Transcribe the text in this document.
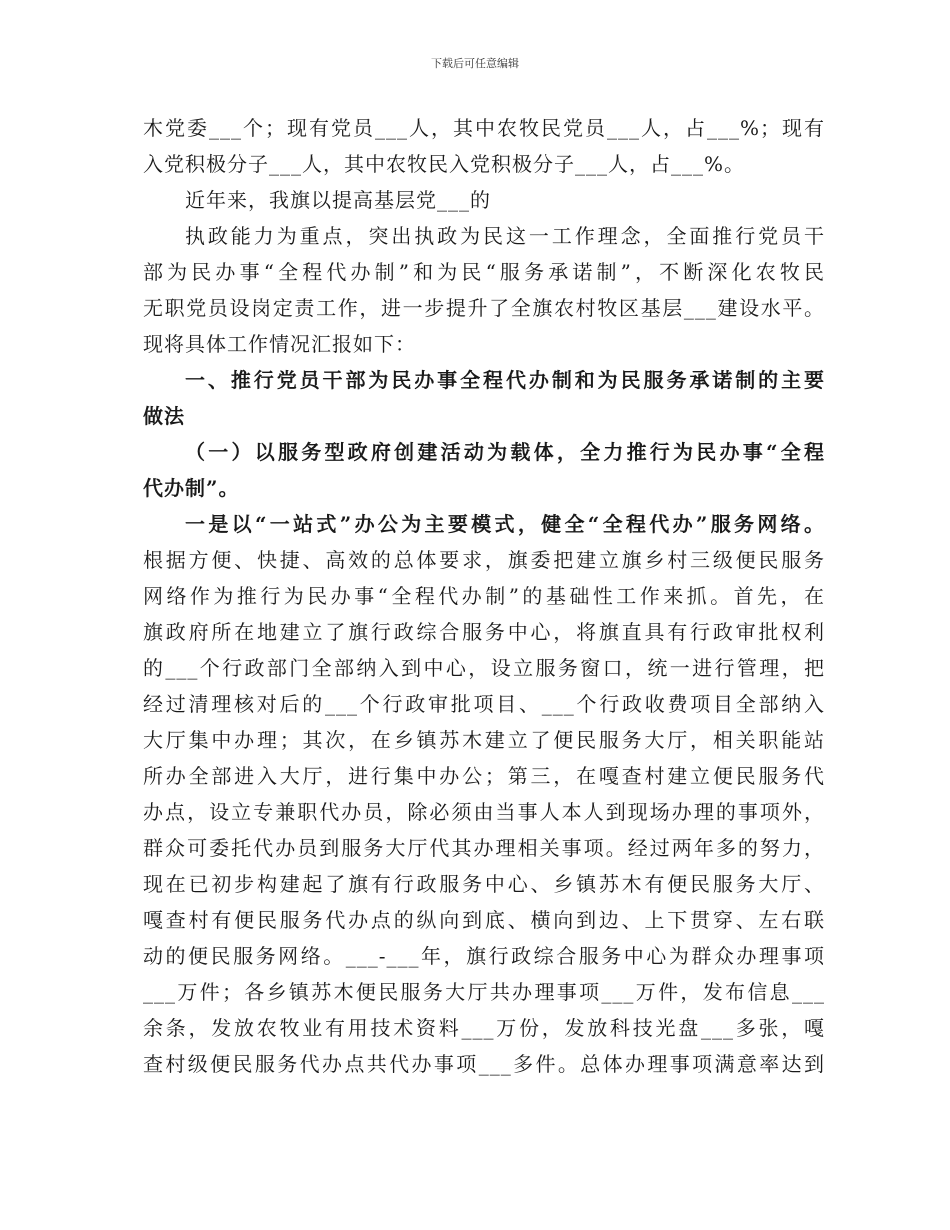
下载后可任意编辑
木党委___个；现有党员___人，其中农牧民党员___人，占___%；现有
入党积极分子___人，其中农牧民入党积极分子___人，占___%。
近年来，我旗以提高基层党___的
执政能力为重点，突出执政为民这一工作理念，全面推行党员干
部为民办事“全程代办制”和为民“服务承诺制”，不断深化农牧民
无职党员设岗定责工作，进一步提升了全旗农村牧区基层___建设水平。
现将具体工作情况汇报如下：
一、推行党员干部为民办事全程代办制和为民服务承诺制的主要
做法
（一）以服务型政府创建活动为载体，全力推行为民办事“全程
代办制”。
一是以“一站式”办公为主要模式，健全“全程代办”服务网络。
根据方便、快捷、高效的总体要求，旗委把建立旗乡村三级便民服务
网络作为推行为民办事“全程代办制”的基础性工作来抓。首先，在
旗政府所在地建立了旗行政综合服务中心，将旗直具有行政审批权利
的___个行政部门全部纳入到中心，设立服务窗口，统一进行管理，把
经过清理核对后的___个行政审批项目、___个行政收费项目全部纳入
大厅集中办理；其次，在乡镇苏木建立了便民服务大厅，相关职能站
所办全部进入大厅，进行集中办公；第三，在嘎查村建立便民服务代
办点，设立专兼职代办员，除必须由当事人本人到现场办理的事项外，
群众可委托代办员到服务大厅代其办理相关事项。经过两年多的努力，
现在已初步构建起了旗有行政服务中心、乡镇苏木有便民服务大厅、
嘎查村有便民服务代办点的纵向到底、横向到边、上下贯穿、左右联
动的便民服务网络。___-___年，旗行政综合服务中心为群众办理事项
___万件；各乡镇苏木便民服务大厅共办理事项___万件，发布信息___
余条，发放农牧业有用技术资料___万份，发放科技光盘___多张，嘎
查村级便民服务代办点共代办事项___多件。总体办理事项满意率达到
